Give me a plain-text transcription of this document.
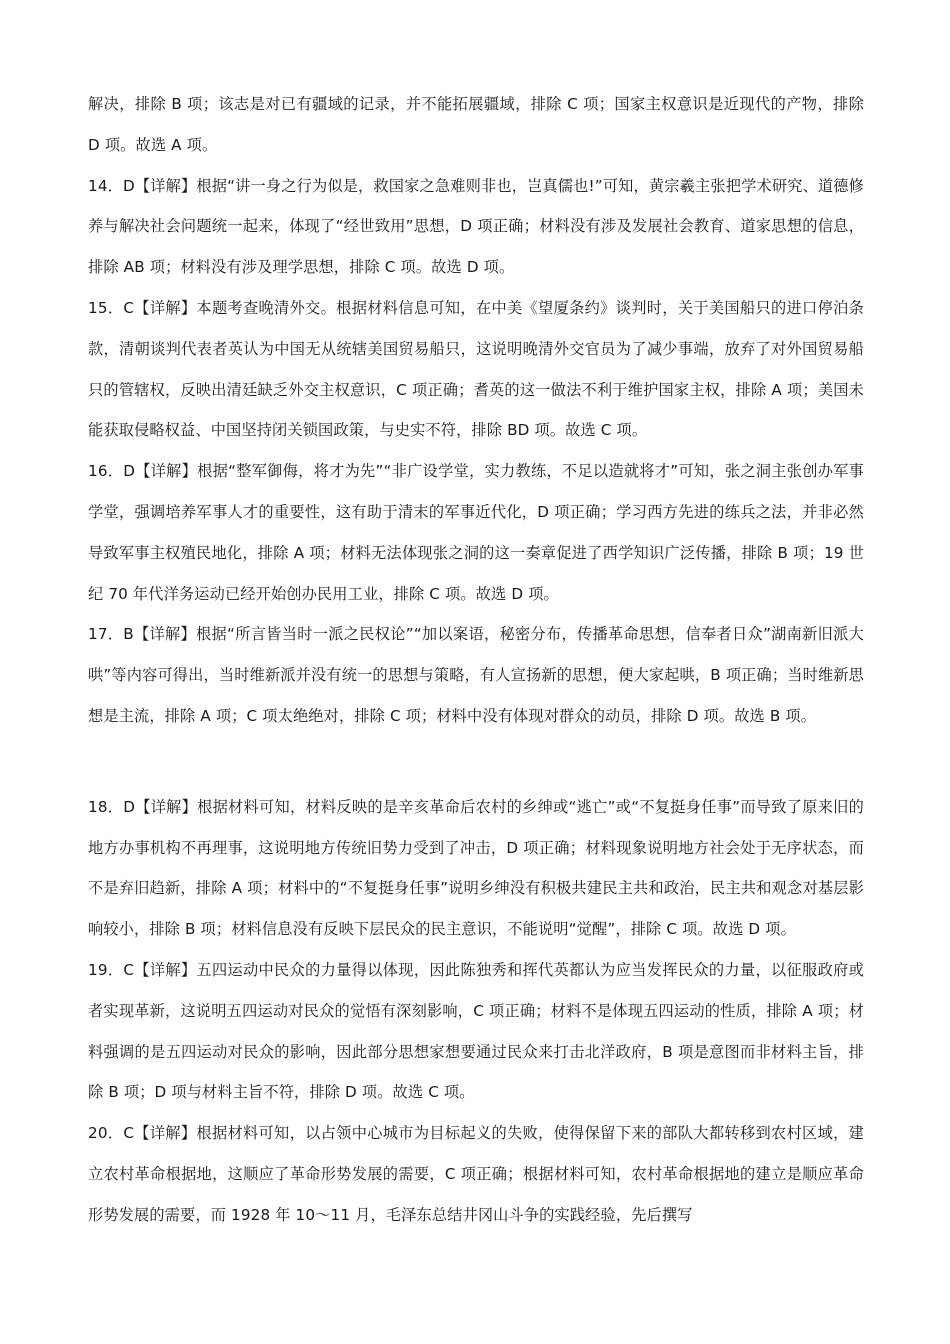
解决，排除 B 项；该志是对已有疆域的记录，并不能拓展疆域，排除 C 项；国家主权意识是近现代的产物，排除 D 项。故选 A 项。

14．D【详解】根据“讲一身之行为似是，救国家之急难则非也，岂真儒也!”可知，黄宗羲主张把学术研究、道德修养与解决社会问题统一起来，体现了“经世致用”思想，D 项正确；材料没有涉及发展社会教育、道家思想的信息，排除 AB 项；材料没有涉及理学思想，排除 C 项。故选 D 项。

15．C【详解】本题考查晚清外交。根据材料信息可知，在中美《望厦条约》谈判时，关于美国船只的进口停泊条款，清朝谈判代表者英认为中国无从统辖美国贸易船只，这说明晚清外交官员为了减少事端，放弃了对外国贸易船只的管辖权，反映出清廷缺乏外交主权意识，C 项正确；耆英的这一做法不利于维护国家主权，排除 A 项；美国未能获取侵略权益、中国坚持闭关锁国政策，与史实不符，排除 BD 项。故选 C 项。

16．D【详解】根据“整军御侮，将才为先”“非广设学堂，实力教练，不足以造就将才”可知，张之洞主张创办军事学堂，强调培养军事人才的重要性，这有助于清末的军事近代化，D 项正确；学习西方先进的练兵之法，并非必然导致军事主权殖民地化，排除 A 项；材料无法体现张之洞的这一奏章促进了西学知识广泛传播，排除 B 项；19 世纪 70 年代洋务运动已经开始创办民用工业，排除 C 项。故选 D 项。

17．B【详解】根据“所言皆当时一派之民权论”“加以案语，秘密分布，传播革命思想，信奉者日众”湖南新旧派大哄”等内容可得出，当时维新派并没有统一的思想与策略，有人宣扬新的思想，便大家起哄，B 项正确；当时维新思想是主流，排除 A 项；C 项太绝绝对，排除 C 项；材料中没有体现对群众的动员，排除 D 项。故选 B 项。

18．D【详解】根据材料可知，材料反映的是辛亥革命后农村的乡绅或“逃亡”或“不复挺身任事”而导致了原来旧的地方办事机构不再理事，这说明地方传统旧势力受到了冲击，D 项正确；材料现象说明地方社会处于无序状态，而不是弃旧趋新，排除 A 项；材料中的“不复挺身任事”说明乡绅没有积极共建民主共和政治，民主共和观念对基层影响较小，排除 B 项；材料信息没有反映下层民众的民主意识，不能说明“觉醒”，排除 C 项。故选 D 项。

19．C【详解】五四运动中民众的力量得以体现，因此陈独秀和挥代英都认为应当发挥民众的力量，以征服政府或者实现革新，这说明五四运动对民众的觉悟有深刻影响，C 项正确；材料不是体现五四运动的性质，排除 A 项；材料强调的是五四运动对民众的影响，因此部分思想家想要通过民众来打击北洋政府，B 项是意图而非材料主旨，排除 B 项；D 项与材料主旨不符，排除 D 项。故选 C 项。

20．C【详解】根据材料可知，以占领中心城市为目标起义的失败，使得保留下来的部队大都转移到农村区域，建立农村革命根据地，这顺应了革命形势发展的需要，C 项正确；根据材料可知，农村革命根据地的建立是顺应革命形势发展的需要，而 1928 年 10～11 月，毛泽东总结井冈山斗争的实践经验，先后撰写
